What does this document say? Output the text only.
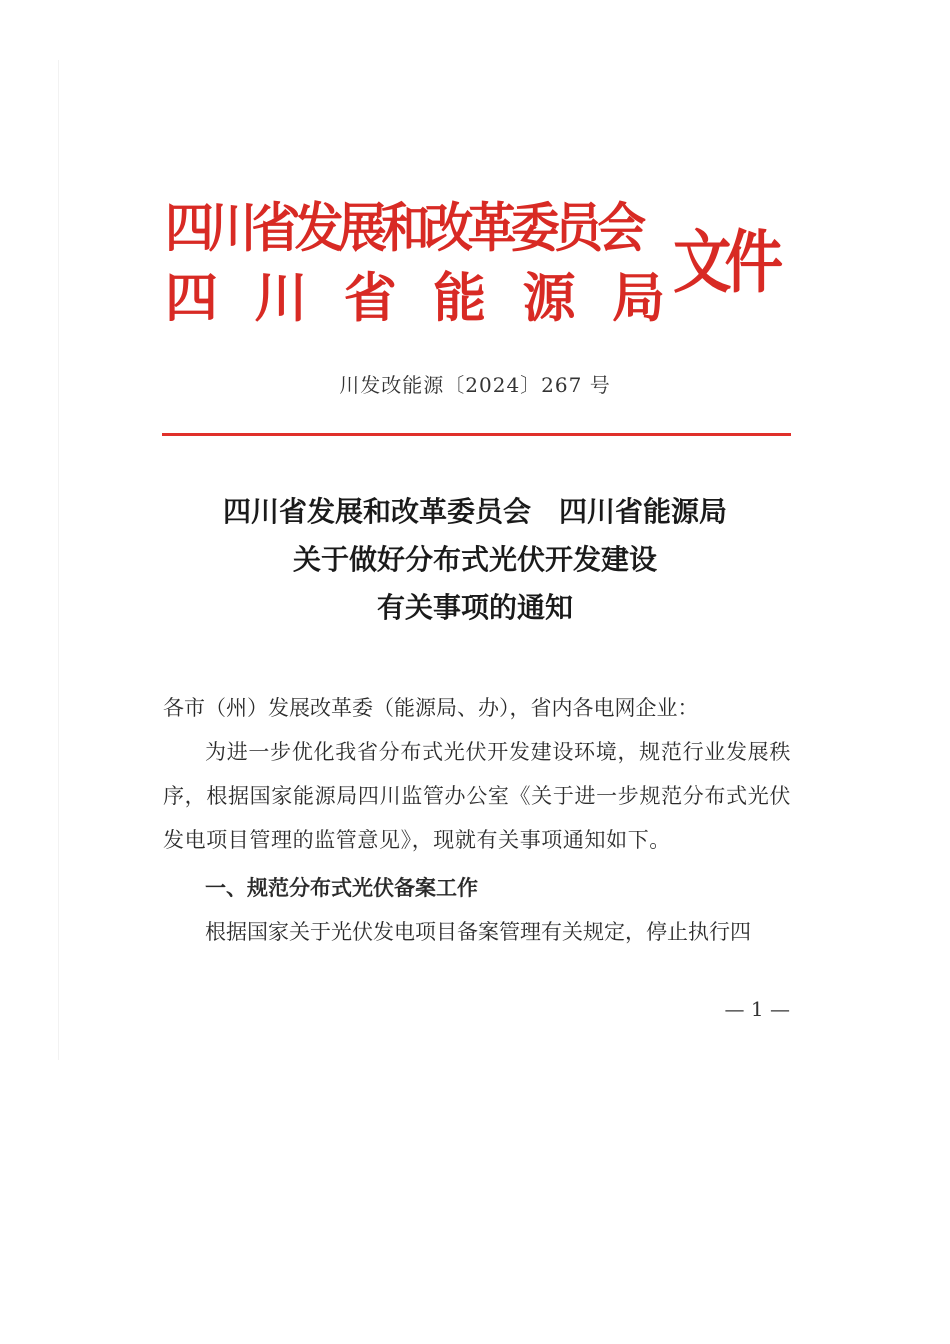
四川省发展和改革委员会
四 川 省 能 源 局 文件
川发改能源〔2024〕267 号
四川省发展和改革委员会　四川省能源局
关于做好分布式光伏开发建设
有关事项的通知
各市（州）发展改革委（能源局、办），省内各电网企业：
为进一步优化我省分布式光伏开发建设环境，规范行业发展秩序，根据国家能源局四川监管办公室《关于进一步规范分布式光伏发电项目管理的监管意见》，现就有关事项通知如下。
一、规范分布式光伏备案工作
根据国家关于光伏发电项目备案管理有关规定，停止执行四
— 1 —
